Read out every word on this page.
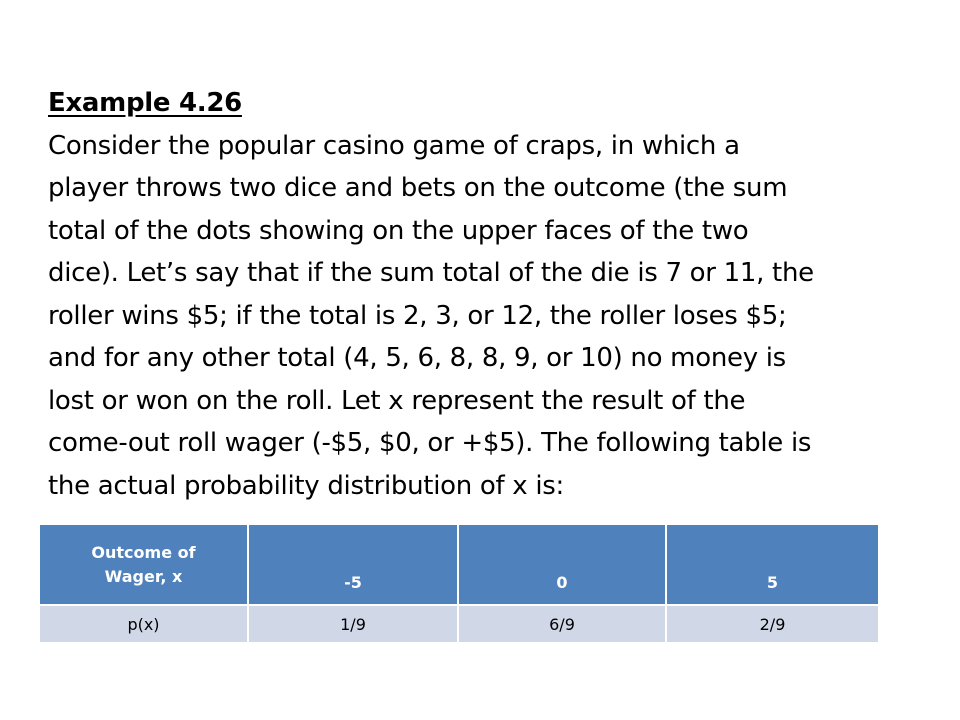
Example 4.26

Consider the popular casino game of craps, in which a
player throws two dice and bets on the outcome (the sum
total of the dots showing on the upper faces of the two
dice). Let’s say that if the sum total of the die is 7 or 11, the
roller wins $5; if the total is 2, 3, or 12, the roller loses $5;
and for any other total (4, 5, 6, 8, 8, 9, or 10) no money is
lost or won on the roll. Let x represent the result of the
come-out roll wager (-$5, $0, or +$5). The following table is
the actual probability distribution of x is:

Outcome of
Wager, x	-5	0	5
p(x)	1/9	6/9	2/9
